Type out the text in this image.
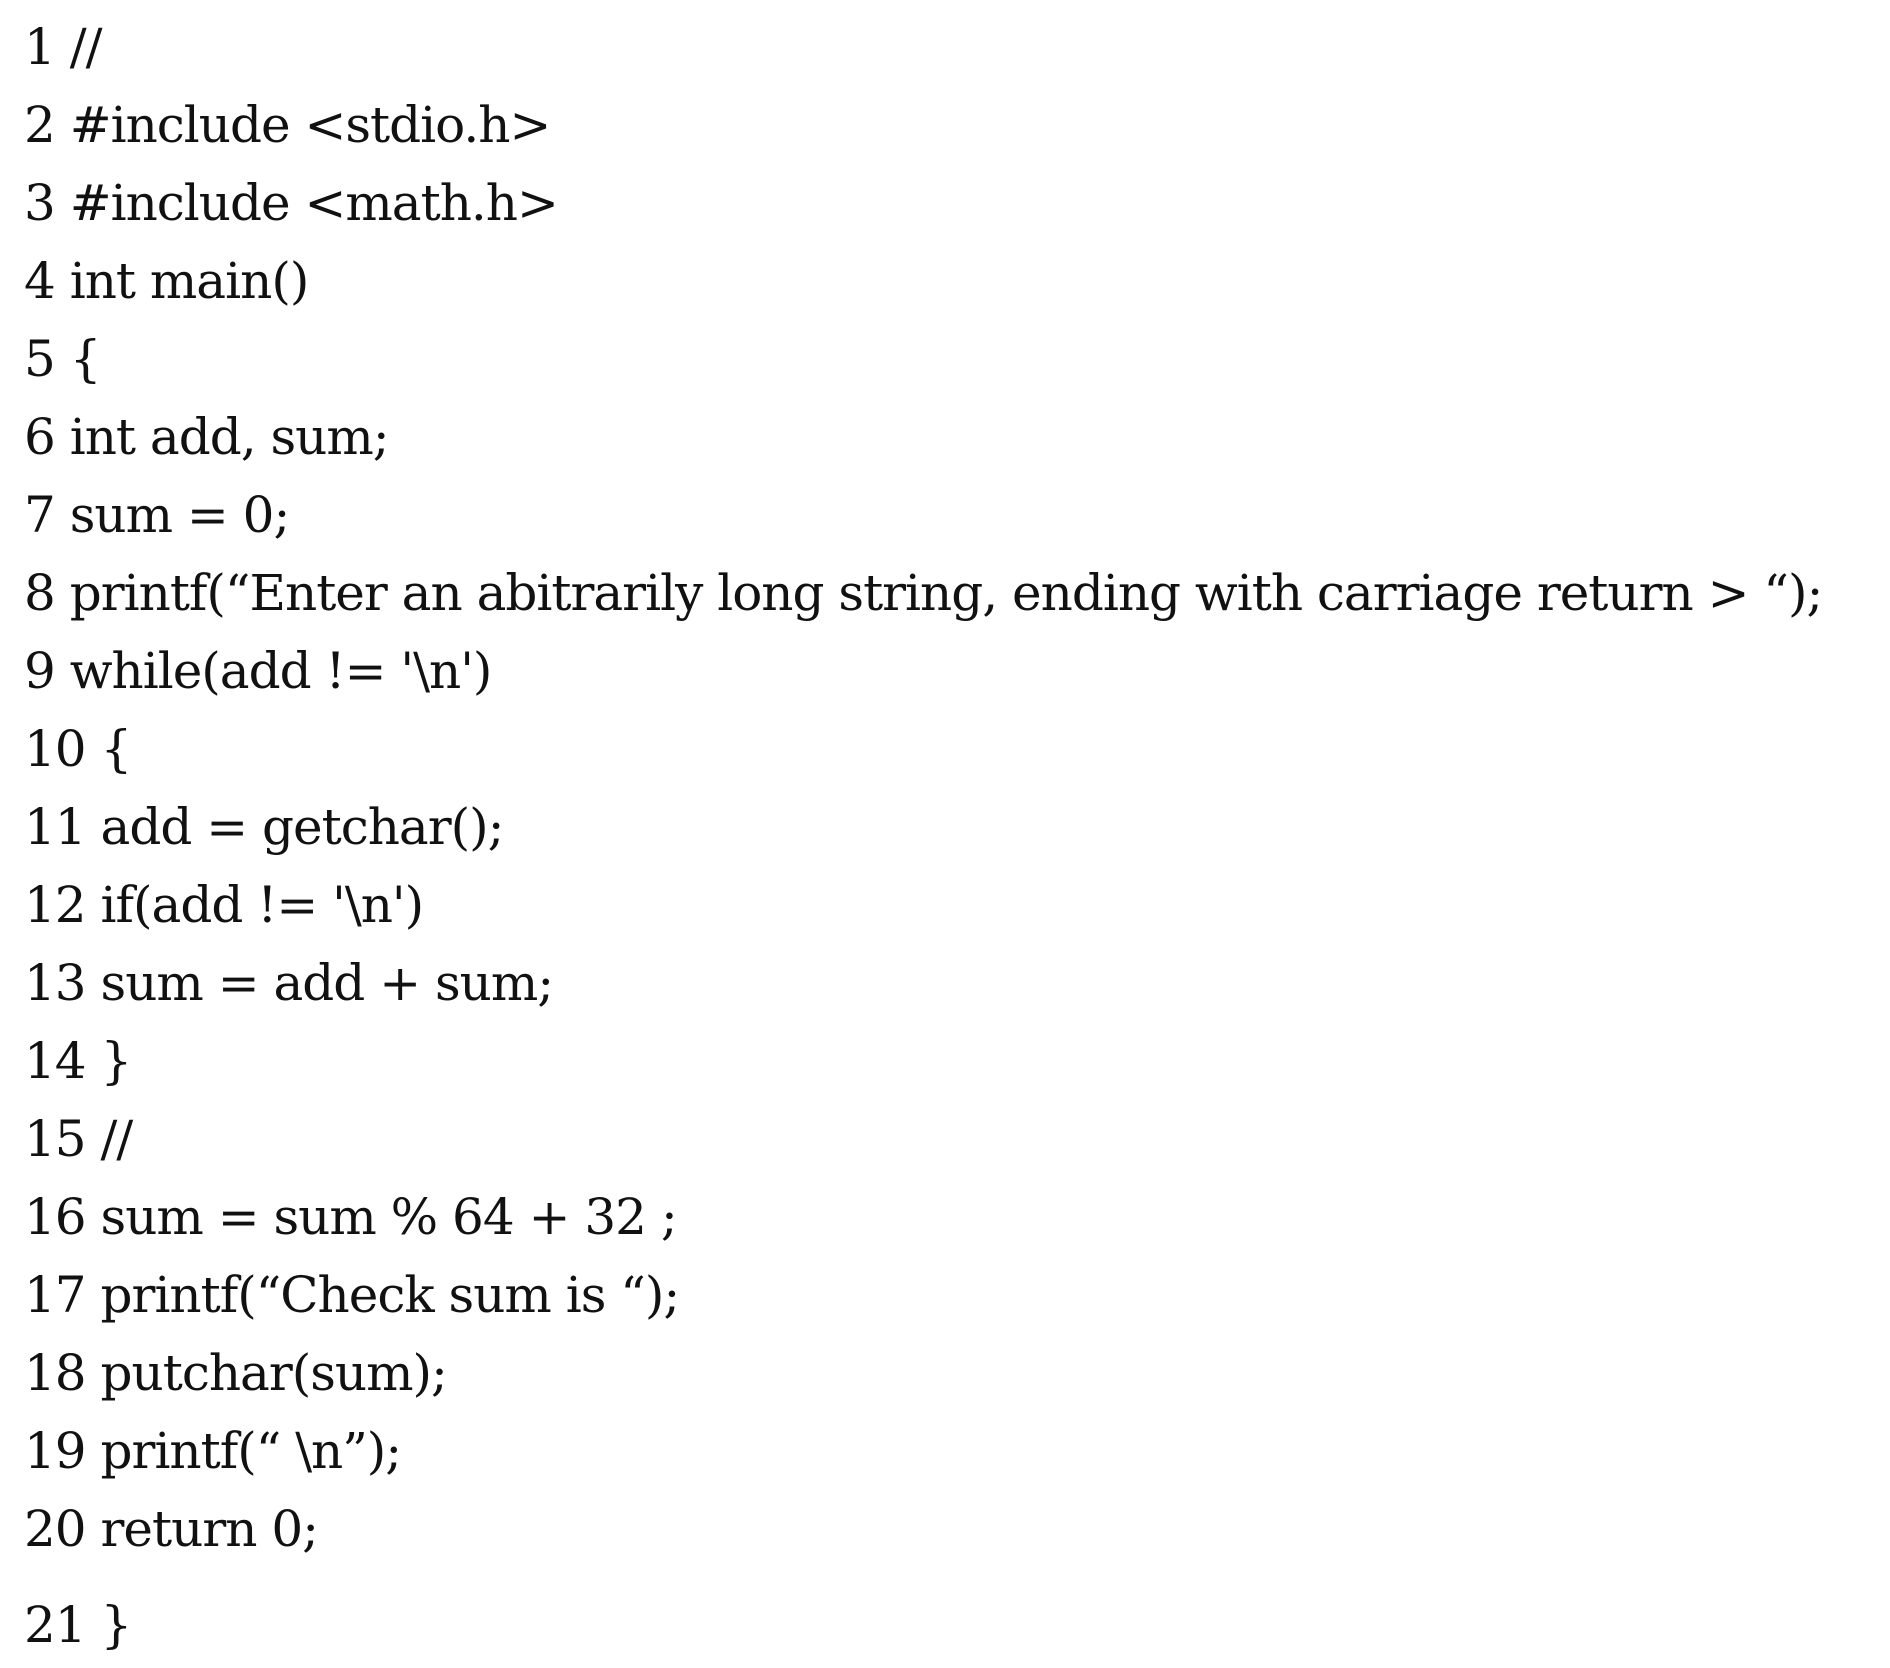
1 //
2 #include <stdio.h>
3 #include <math.h>
4 int main()
5 {
6 int add, sum;
7 sum = 0;
8 printf(“Enter an abitrarily long string, ending with carriage return > “);
9 while(add != '\n')
10 {
11 add = getchar();
12 if(add != '\n')
13 sum = add + sum;
14 }
15 //
16 sum = sum % 64 + 32 ;
17 printf(“Check sum is “);
18 putchar(sum);
19 printf(“ \n”);
20 return 0;
21 }
